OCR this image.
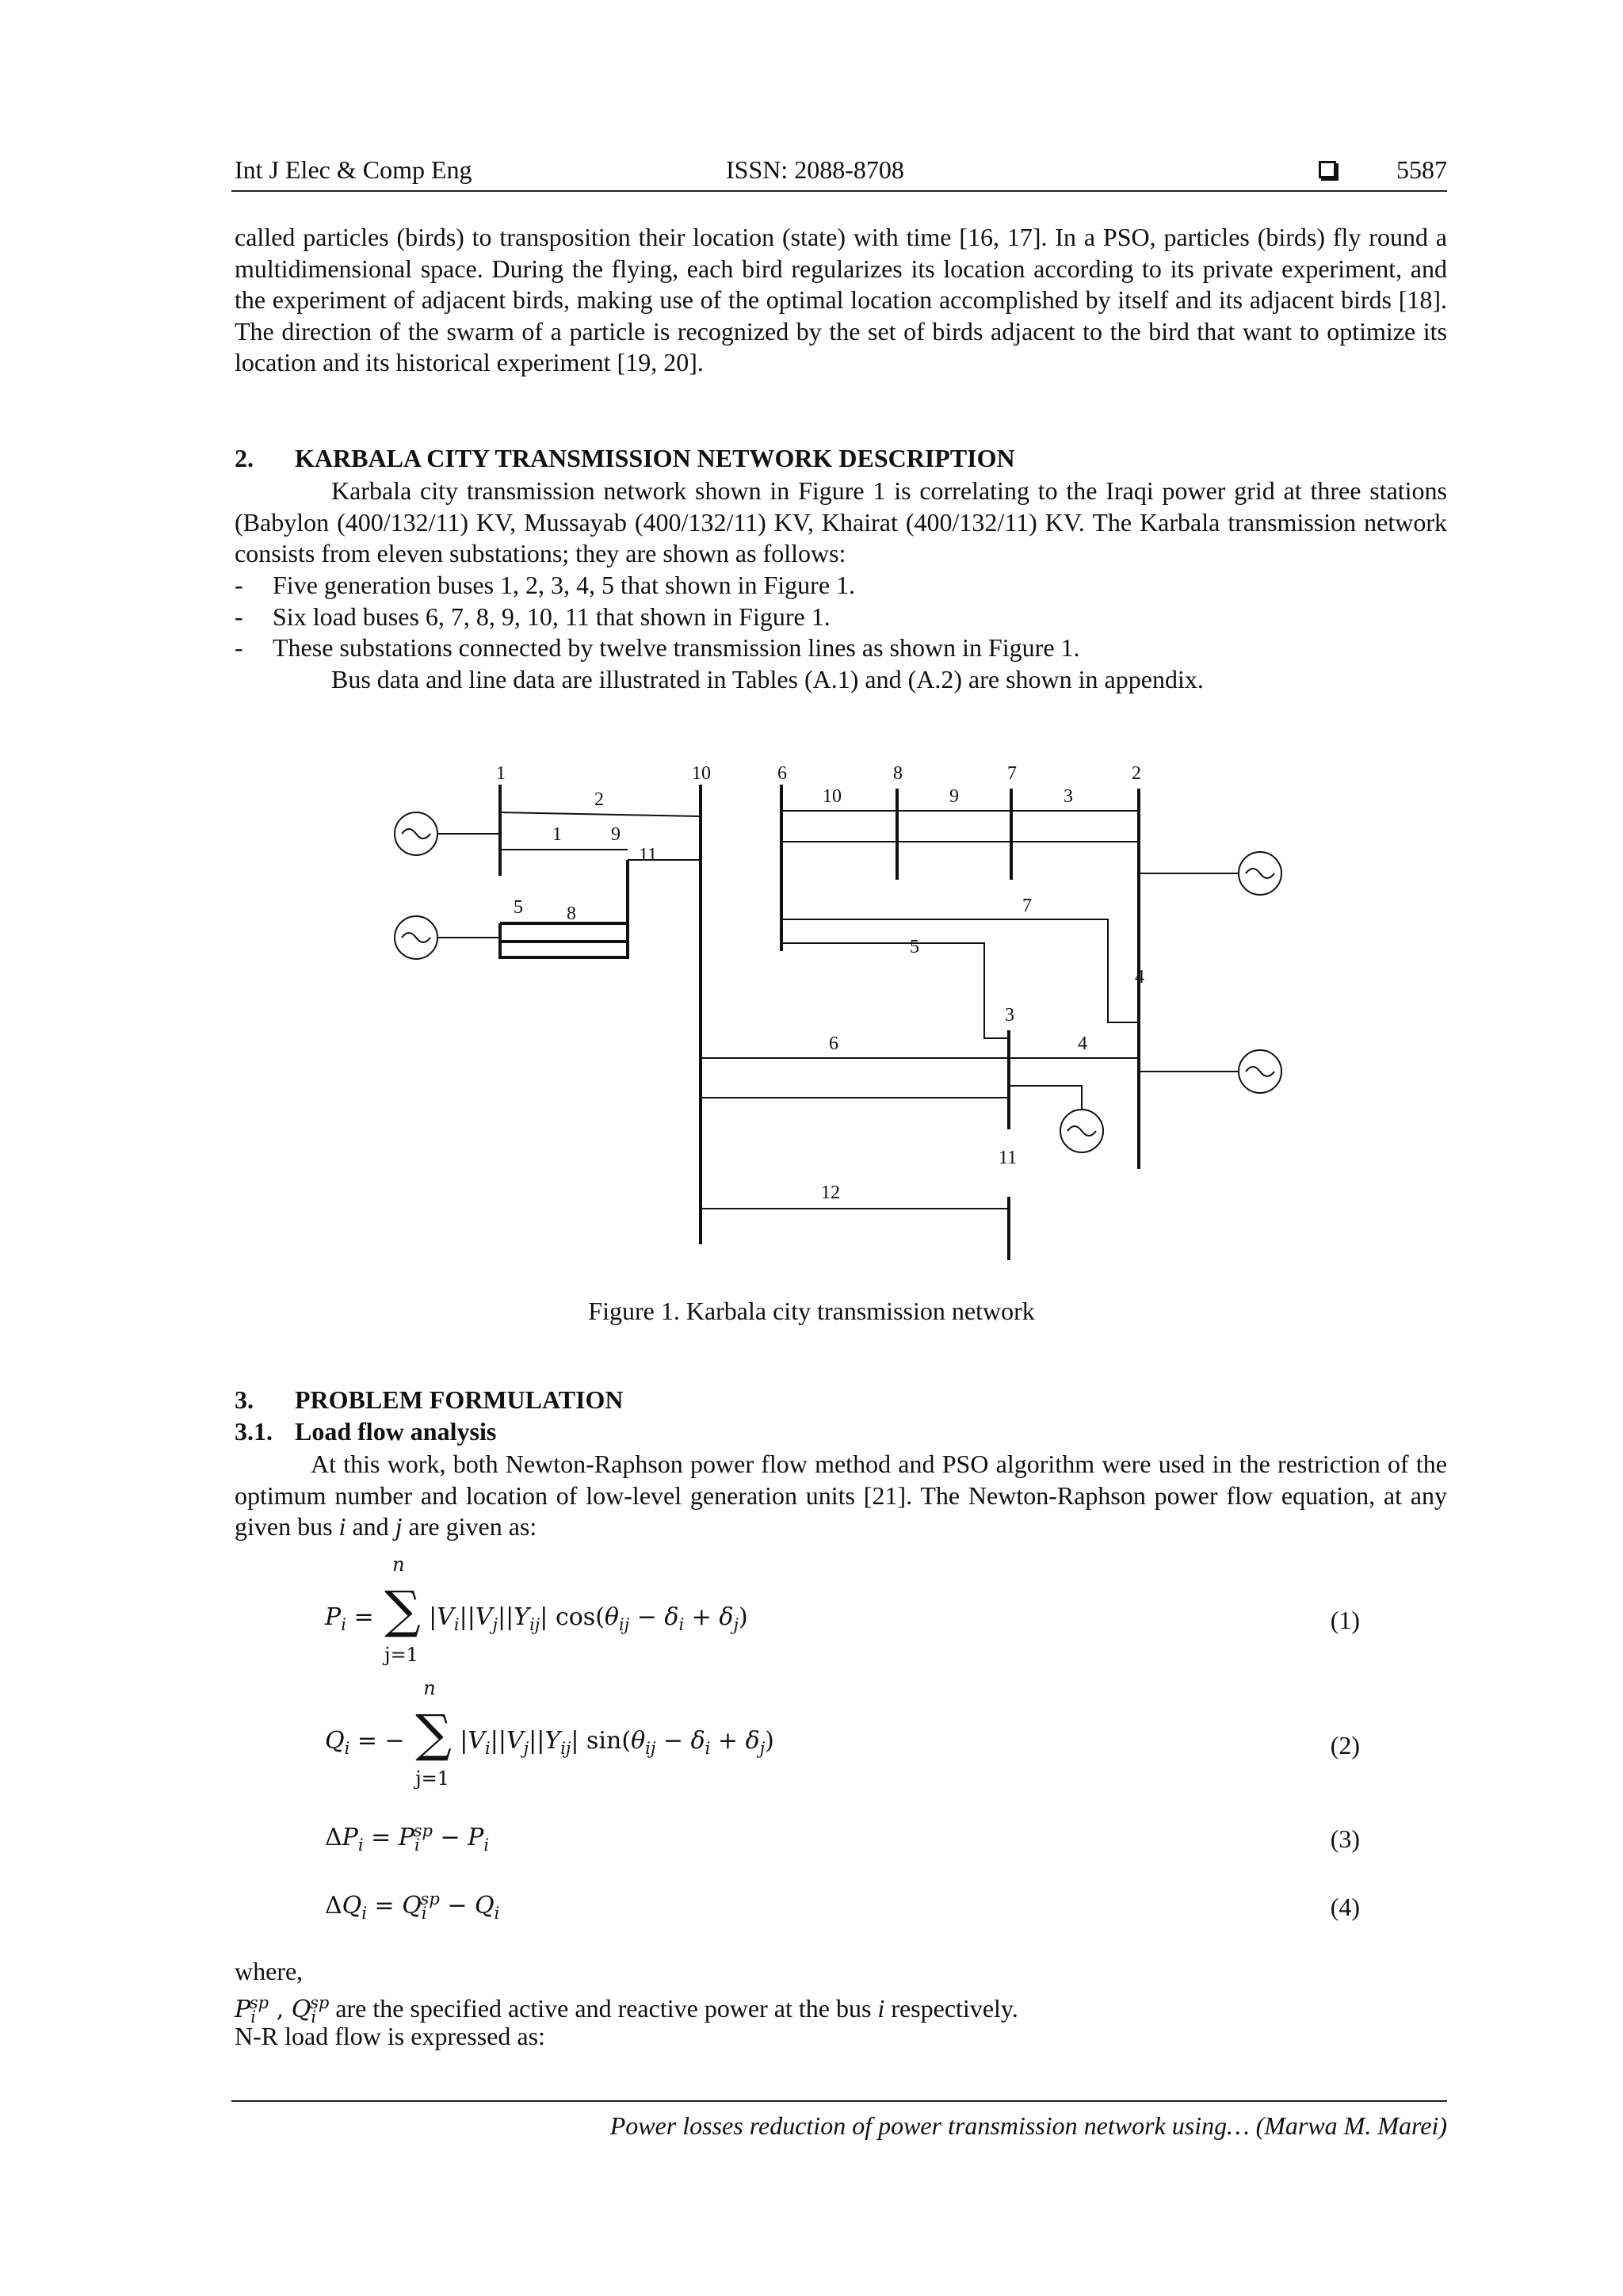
Int J Elec & Comp Eng	ISSN: 2088-8708	5587

called particles (birds) to transposition their location (state) with time [16, 17]. In a PSO, particles (birds) fly round a multidimensional space. During the flying, each bird regularizes its location according to its private experiment, and the experiment of adjacent birds, making use of the optimal location accomplished by itself and its adjacent birds [18]. The direction of the swarm of a particle is recognized by the set of birds adjacent to the bird that want to optimize its location and its historical experiment [19, 20].

2. KARBALA CITY TRANSMISSION NETWORK DESCRIPTION

Karbala city transmission network shown in Figure 1 is correlating to the Iraqi power grid at three stations (Babylon (400/132/11) KV, Mussayab (400/132/11) KV, Khairat (400/132/11) KV. The Karbala transmission network consists from eleven substations; they are shown as follows:

- Five generation buses 1, 2, 3, 4, 5 that shown in Figure 1.
- Six load buses 6, 7, 8, 9, 10, 11 that shown in Figure 1.
- These substations connected by twelve transmission lines as shown in Figure 1.

Bus data and line data are illustrated in Tables (A.1) and (A.2) are shown in appendix.

1	10	6	8	7	2
9
11
5
4
3
11
2
1
8
10	9	3
7
5
6	4
12
Figure 1. Karbala city transmission network
3. PROBLEM FORMULATION
3.1. Load flow analysis

At this work, both Newton-Raphson power flow method and PSO algorithm were used in the restriction of the optimum number and location of low-level generation units [21]. The Newton-Raphson power flow equation, at any given bus i and j are given as:

$P_i$ =
n
∑
j=1
$|V_i||V_j||Y_{ij}|$ $\cos(\theta_{ij} - \delta_i + \delta_j)$	(1)
$Q_i$ = −
n
∑
j=1
$|V_i||V_j||Y_{ij}|$ $\sin(\theta_{ij} - \delta_i + \delta_j)$	(2)
$\Delta P_i = P_i^{sp} - P_i$	(3)
$\Delta Q_i = Q_i^{sp} - Q_i$	(4)

where,

$P_i^{sp}$ , $Q_i^{sp}$ are the specified active and reactive power at the bus i respectively.

N-R load flow is expressed as:

Power losses reduction of power transmission network using… (Marwa M. Marei)
